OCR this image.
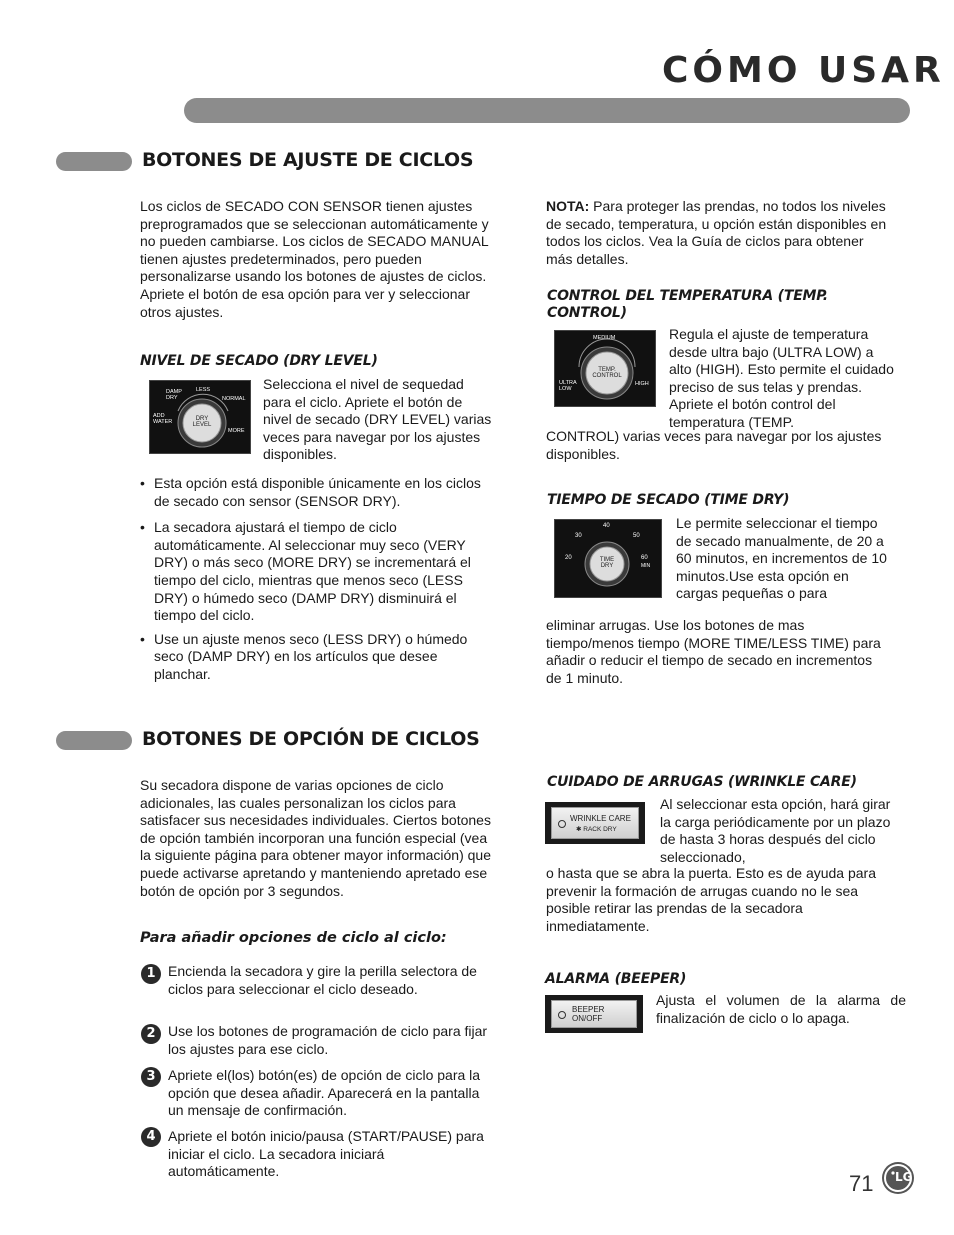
CÓMO USAR
BOTONES DE AJUSTE DE CICLOS
Los ciclos de SECADO CON SENSOR tienen ajustes preprogramados que se seleccionan automáticamente y no pueden cambiarse. Los ciclos de SECADO MANUAL tienen ajustes predeterminados, pero pueden personalizarse usando los botones de ajustes de ciclos. Apriete el botón de esa opción para ver y seleccionar otros ajustes.
NIVEL DE SECADO (DRY LEVEL)
DRY LEVEL
DAMP DRY
LESS
NORMAL
ADD WATER
MORE
Selecciona el nivel de sequedad para el ciclo. Apriete el botón de nivel de secado (DRY LEVEL) varias veces para navegar por los ajustes disponibles.
• Esta opción está disponible únicamente en los ciclos de secado con sensor (SENSOR DRY).
• La secadora ajustará el tiempo de ciclo automáticamente. Al seleccionar muy seco (VERY DRY) o más seco (MORE DRY) se incrementará el tiempo del ciclo, mientras que menos seco (LESS DRY) o húmedo seco (DAMP DRY) disminuirá el tiempo del ciclo.
• Use un ajuste menos seco (LESS DRY) o húmedo seco (DAMP DRY) en los artículos que desee planchar.
NOTA: Para proteger las prendas, no todos los niveles de secado, temperatura, u opción están disponibles en todos los ciclos. Vea la Guía de ciclos para obtener más detalles.
CONTROL DEL TEMPERATURA (TEMP. CONTROL)
TEMP. CONTROL
MEDIUM
ULTRA LOW
HIGH
Regula el ajuste de temperatura desde ultra bajo (ULTRA LOW) a alto (HIGH). Esto permite el cuidado preciso de sus telas y prendas. Apriete el botón control del temperatura (TEMP.
CONTROL) varias veces para navegar por los ajustes disponibles.
TIEMPO DE SECADO (TIME DRY)
TIME DRY
40
30	50
20	60
MIN
Le permite seleccionar el tiempo de secado manualmente, de 20 a 60 minutos, en incrementos de 10 minutos.Use esta opción en cargas pequeñas o para
eliminar arrugas. Use los botones de mas tiempo/menos tiempo (MORE TIME/LESS TIME) para añadir o reducir el tiempo de secado en incrementos de 1 minuto.
BOTONES DE OPCIÓN DE CICLOS
Su secadora dispone de varias opciones de ciclo adicionales, las cuales personalizan los ciclos para satisfacer sus necesidades individuales. Ciertos botones de opción también incorporan una función especial (vea la siguiente página para obtener mayor información) que puede activarse apretando y manteniendo apretado ese botón de opción por 3 segundos.
Para añadir opciones de ciclo al ciclo:
1 Encienda la secadora y gire la perilla selectora de ciclos para seleccionar el ciclo deseado.
2 Use los botones de programación de ciclo para fijar los ajustes para ese ciclo.
3 Apriete el(los) botón(es) de opción de ciclo para la opción que desea añadir. Aparecerá en la pantalla un mensaje de confirmación.
4 Apriete el botón inicio/pausa (START/PAUSE) para iniciar el ciclo. La secadora iniciará automáticamente.
CUIDADO DE ARRUGAS (WRINKLE CARE)
WRINKLE CARE
✱ RACK DRY
Al seleccionar esta opción, hará girar la carga periódicamente por un plazo de hasta 3 horas después del ciclo seleccionado,
o hasta que se abra la puerta. Esto es de ayuda para prevenir la formación de arrugas cuando no le sea posible retirar las prendas de la secadora inmediatamente.
ALARMA (BEEPER)
BEEPER
ON/OFF
Ajusta el volumen de la alarma de finalización de ciclo o lo apaga.
71 LG
